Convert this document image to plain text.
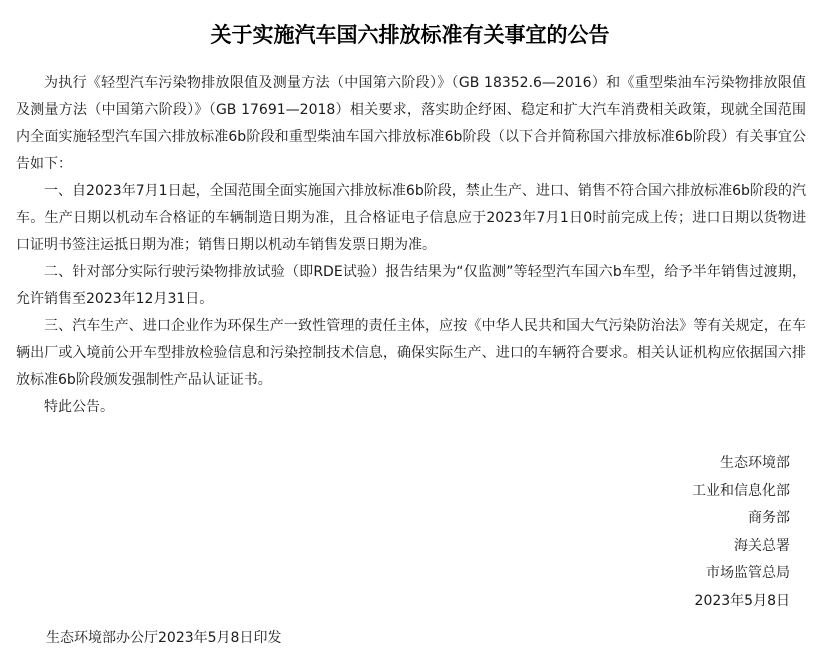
关于实施汽车国六排放标准有关事宜的公告

为执行《轻型汽车污染物排放限值及测量方法（中国第六阶段）》（GB 18352.6—2016）和《重型柴油车污染物排放限值及测量方法（中国第六阶段）》（GB 17691—2018）相关要求，落实助企纾困、稳定和扩大汽车消费相关政策，现就全国范围内全面实施轻型汽车国六排放标准6b阶段和重型柴油车国六排放标准6b阶段（以下合并简称国六排放标准6b阶段）有关事宜公告如下：

一、自2023年7月1日起，全国范围全面实施国六排放标准6b阶段，禁止生产、进口、销售不符合国六排放标准6b阶段的汽车。生产日期以机动车合格证的车辆制造日期为准，且合格证电子信息应于2023年7月1日0时前完成上传；进口日期以货物进口证明书签注运抵日期为准；销售日期以机动车销售发票日期为准。

二、针对部分实际行驶污染物排放试验（即RDE试验）报告结果为“仅监测”等轻型汽车国六b车型，给予半年销售过渡期，允许销售至2023年12月31日。

三、汽车生产、进口企业作为环保生产一致性管理的责任主体，应按《中华人民共和国大气污染防治法》等有关规定，在车辆出厂或入境前公开车型排放检验信息和污染控制技术信息，确保实际生产、进口的车辆符合要求。相关认证机构应依据国六排放标准6b阶段颁发强制性产品认证证书。

特此公告。

生态环境部
工业和信息化部
商务部
海关总署
市场监管总局
2023年5月8日
生态环境部办公厅2023年5月8日印发
